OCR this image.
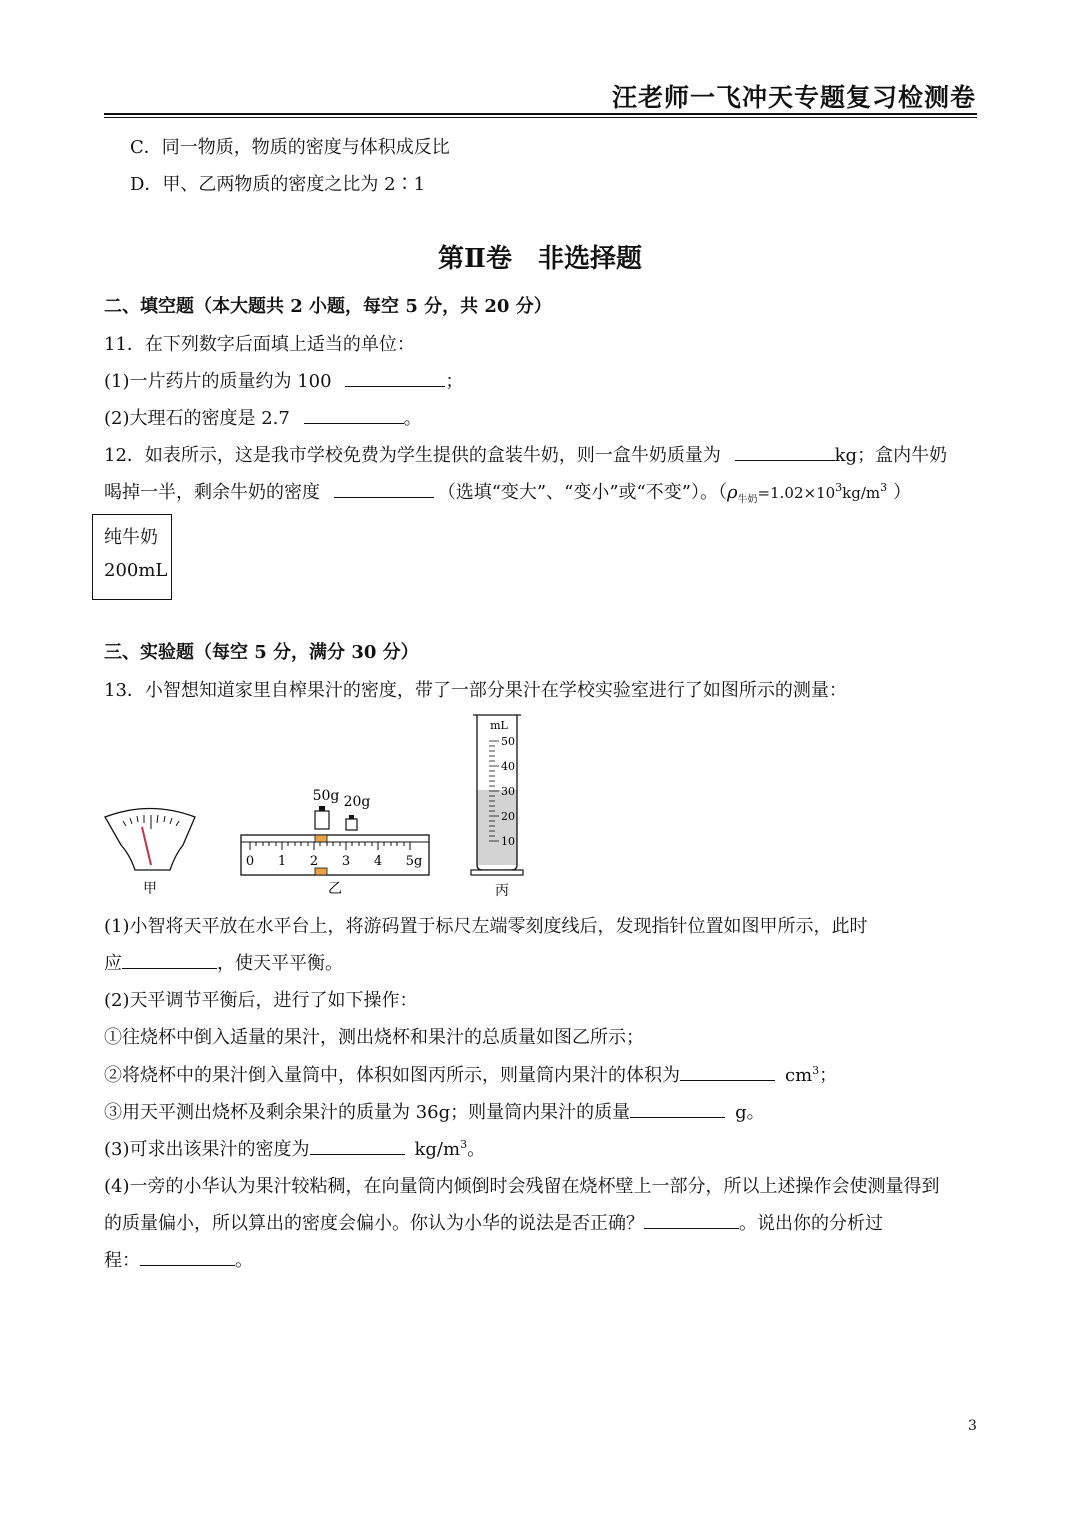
汪老师一飞冲天专题复习检测卷
C．同一物质，物质的密度与体积成反比
D．甲、乙两物质的密度之比为 2∶1
第Ⅱ卷　非选择题
二、填空题（本大题共 2 小题，每空 5 分，共 20 分）
11．在下列数字后面填上适当的单位：
(1)一片药片的质量约为 100	；
(2)大理石的密度是 2.7	。
12．如表所示，这是我市学校免费为学生提供的盒装牛奶，则一盒牛奶质量为	kg；盒内牛奶
喝掉一半，剩余牛奶的密度	（选填“变大”、“变小”或“不变”）。（$\rho_{牛奶}=1.02\times 10^3kg/m^3$ ）
纯牛奶
200mL
三、实验题（每空 5 分，满分 30 分）
13．小智想知道家里自榨果汁的密度，带了一部分果汁在学校实验室进行了如图所示的测量：
甲
50g 20g
0 1 2 3 4 5g
乙
mL
50
40
30
20
10
丙
(1)小智将天平放在水平台上，将游码置于标尺左端零刻度线后，发现指针位置如图甲所示，此时
应	，使天平平衡。
(2)天平调节平衡后，进行了如下操作：
①往烧杯中倒入适量的果汁，测出烧杯和果汁的总质量如图乙所示；
②将烧杯中的果汁倒入量筒中，体积如图丙所示，则量筒内果汁的体积为	$cm^3$；
③用天平测出烧杯及剩余果汁的质量为 36g；则量筒内果汁的质量	g。
(3)可求出该果汁的密度为	$kg/m^3$。
(4)一旁的小华认为果汁较粘稠，在向量筒内倾倒时会残留在烧杯壁上一部分，所以上述操作会使测量得到
的质量偏小，所以算出的密度会偏小。你认为小华的说法是否正确？	。说出你的分析过
程：	。
3
